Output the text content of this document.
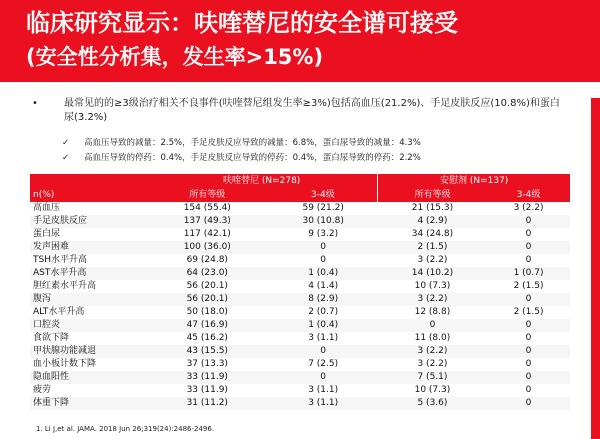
临床研究显示：呋喹替尼的安全谱可接受
(安全性分析集，发生率>15%)
•	最常见的的≥3级治疗相关不良事件(呋喹替尼组发生率≥3%)包括高血压(21.2%)、手足皮肤反应(10.8%)和蛋白尿(3.2%)
✓ 高血压导致的减量：2.5%，手足皮肤反应导致的减量：6.8%，蛋白尿导致的减量：4.3%
✓ 高血压导致的停药：0.4%，手足皮肤反应导致的停药：0.4%，蛋白尿导致的停药：2.2%
	呋喹替尼 (N=278)		安慰剂 (N=137)	
n(%)	所有等级	3-4级	所有等级	3-4级
高血压	154 (55.4)	59 (21.2)	21 (15.3)	3 (2.2)
手足皮肤反应	137 (49.3)	30 (10.8)	4 (2.9)	0
蛋白尿	117 (42.1)	9 (3.2)	34 (24.8)	0
发声困难	100 (36.0)	0	2 (1.5)	0
TSH水平升高	69 (24.8)	0	3 (2.2)	0
AST水平升高	64 (23.0)	1 (0.4)	14 (10.2)	1 (0.7)
胆红素水平升高	56 (20.1)	4 (1.4)	10 (7.3)	2 (1.5)
腹泻	56 (20.1)	8 (2.9)	3 (2.2)	0
ALT水平升高	50 (18.0)	2 (0.7)	12 (8.8)	2 (1.5)
口腔炎	47 (16.9)	1 (0.4)	0	0
食欲下降	45 (16.2)	3 (1.1)	11 (8.0)	0
甲状腺功能减退	43 (15.5)	0	3 (2.2)	0
血小板计数下降	37 (13.3)	7 (2.5)	3 (2.2)	0
隐血阳性	33 (11.9)	0	7 (5.1)	0
疲劳	33 (11.9)	3 (1.1)	10 (7.3)	0
体重下降	31 (11.2)	3 (1.1)	5 (3.6)	0
1. Li J,et al. JAMA. 2018 Jun 26;319(24):2486-2496.
